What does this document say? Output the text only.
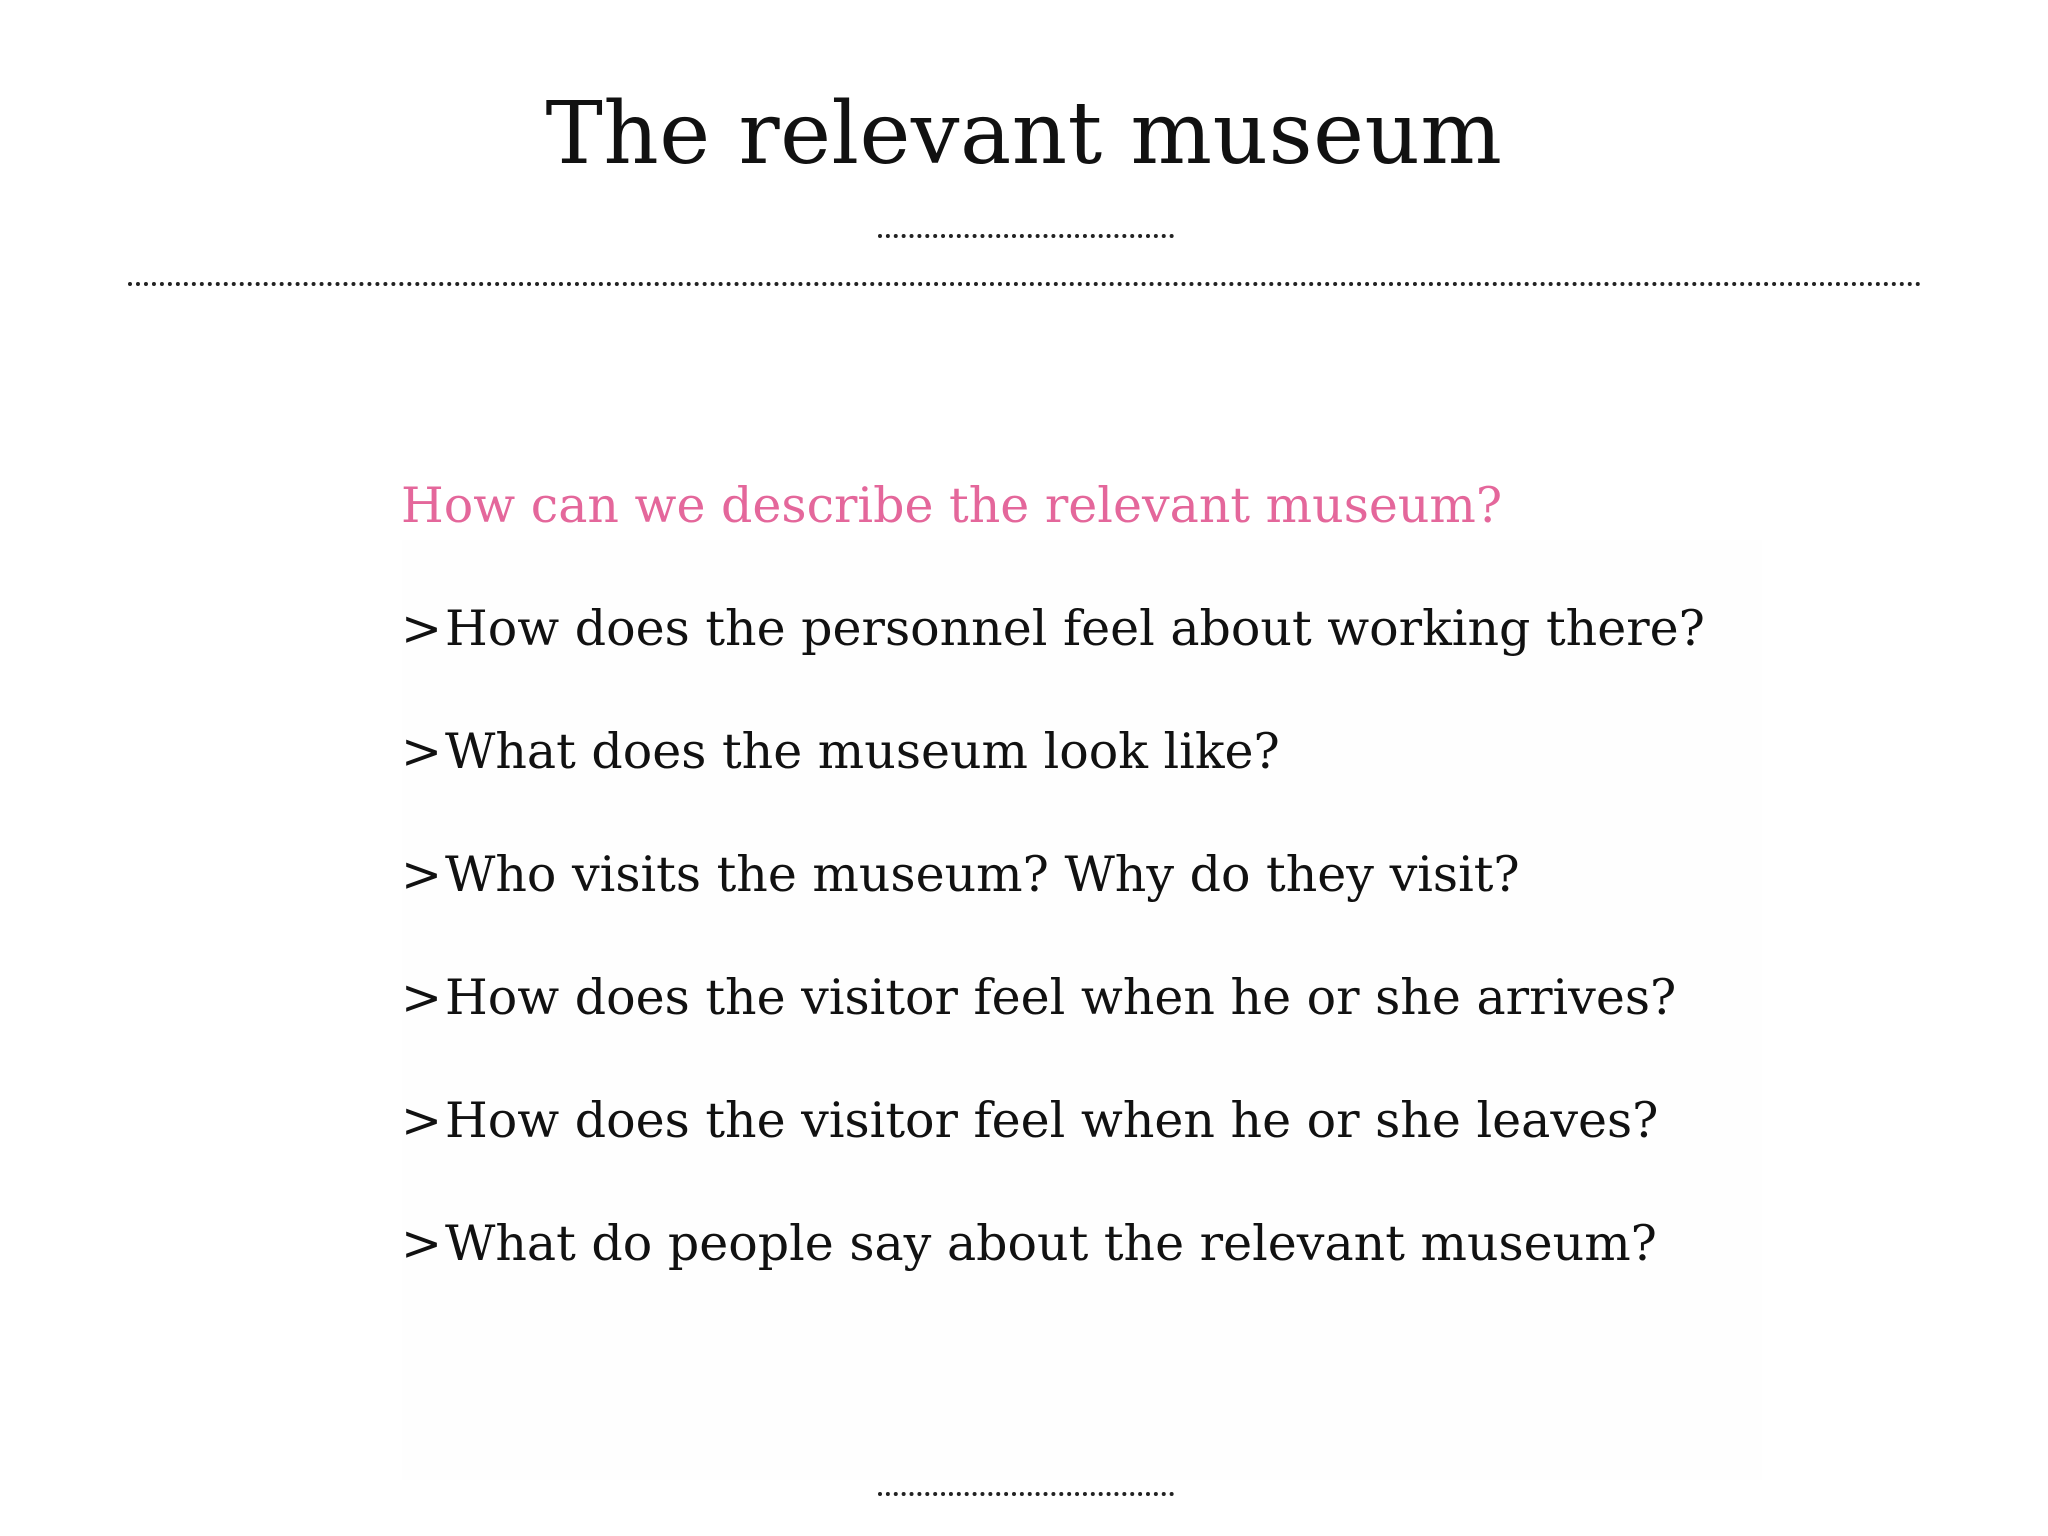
The relevant museum
How can we describe the relevant museum?
>How does the personnel feel about working there?
>What does the museum look like?
>Who visits the museum? Why do they visit?
>How does the visitor feel when he or she arrives?
>How does the visitor feel when he or she leaves?
>What do people say about the relevant museum?
